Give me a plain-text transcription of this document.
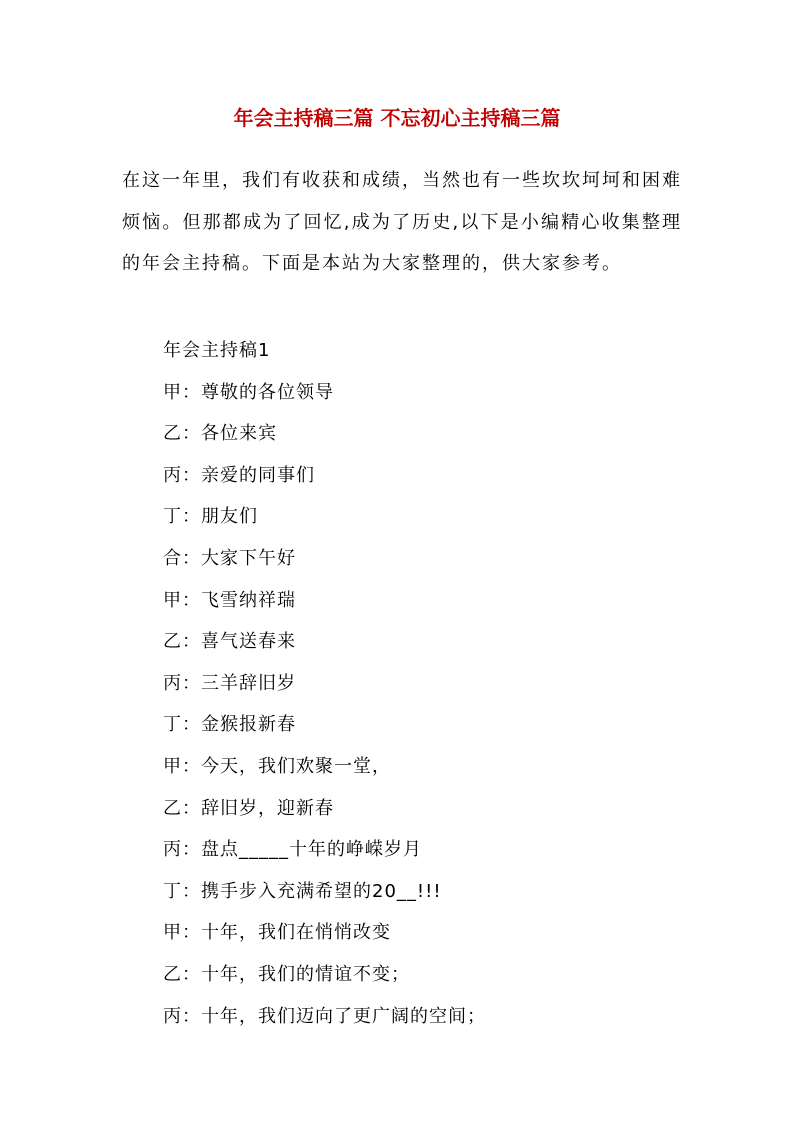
年会主持稿三篇 不忘初心主持稿三篇

在这一年里，我们有收获和成绩，当然也有一些坎坎坷坷和困难烦恼。但那都成为了回忆,成为了历史,以下是小编精心收集整理的年会主持稿。下面是本站为大家整理的，供大家参考。

年会主持稿1
甲：尊敬的各位领导
乙：各位来宾
丙：亲爱的同事们
丁：朋友们
合：大家下午好
甲：飞雪纳祥瑞
乙：喜气送春来
丙：三羊辞旧岁
丁：金猴报新春
甲：今天，我们欢聚一堂，
乙：辞旧岁，迎新春
丙：盘点_____十年的峥嵘岁月
丁：携手步入充满希望的20__!!!
甲：十年，我们在悄悄改变
乙：十年，我们的情谊不变；
丙：十年，我们迈向了更广阔的空间；
